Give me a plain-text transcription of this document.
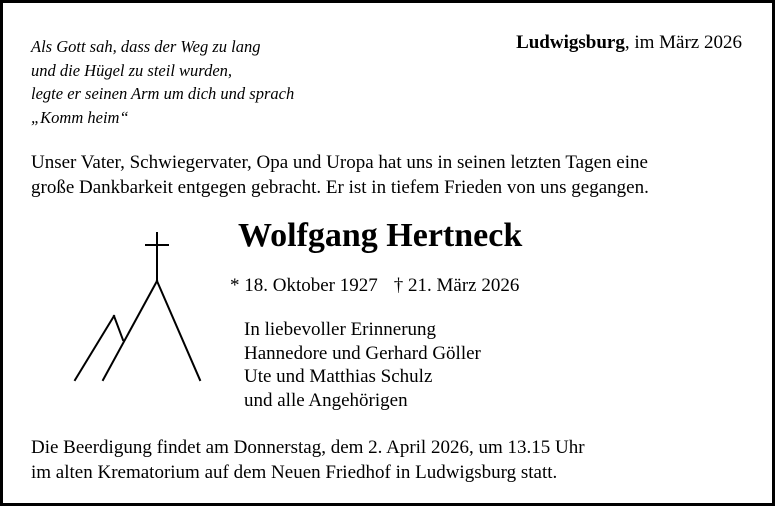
Als Gott sah, dass der Weg zu lang
und die Hügel zu steil wurden,
legte er seinen Arm um dich und sprach
„Komm heim“
Ludwigsburg, im März 2026
Unser Vater, Schwiegervater, Opa und Uropa hat uns in seinen letzten Tagen eine
große Dankbarkeit entgegen gebracht. Er ist in tiefem Frieden von uns gegangen.
Wolfgang Hertneck
* 18. Oktober 1927 † 21. März 2026
In liebevoller Erinnerung
Hannedore und Gerhard Göller
Ute und Matthias Schulz
und alle Angehörigen
Die Beerdigung findet am Donnerstag, dem 2. April 2026, um 13.15 Uhr
im alten Krematorium auf dem Neuen Friedhof in Ludwigsburg statt.
